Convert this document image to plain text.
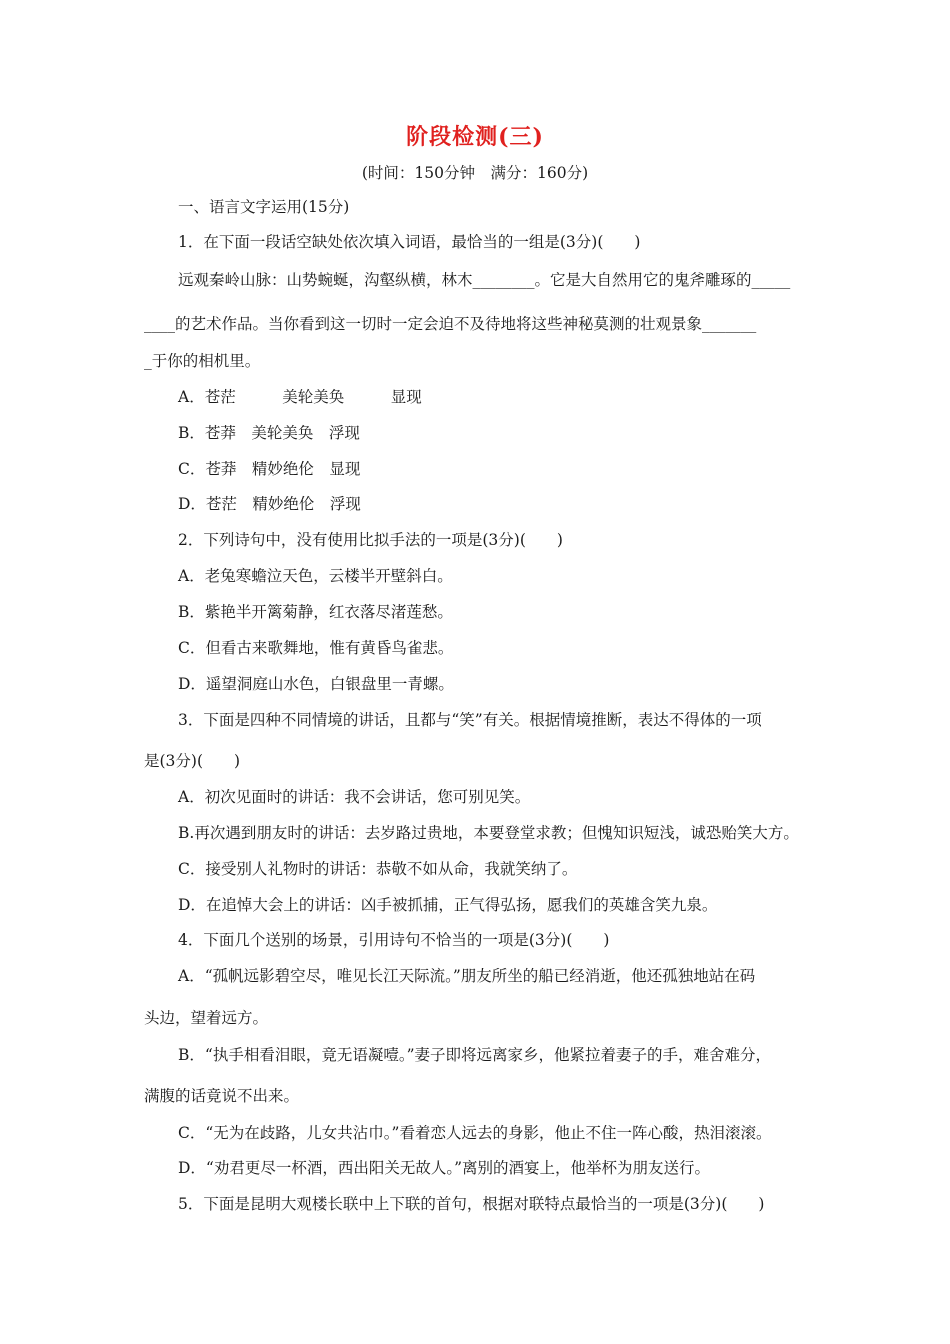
阶段检测(三)
(时间：150分钟　满分：160分)
一、语言文字运用(15分)
1．在下面一段话空缺处依次填入词语，最恰当的一组是(3分)(　　)
远观秦岭山脉：山势蜿蜒，沟壑纵横，林木________。它是大自然用它的鬼斧雕琢的_____
____的艺术作品。当你看到这一切时一定会迫不及待地将这些神秘莫测的壮观景象_______
_于你的相机里。
A．苍茫　　　美轮美奂　　　显现
B．苍莽　美轮美奂　浮现
C．苍莽　精妙绝伦　显现
D．苍茫　精妙绝伦　浮现
2．下列诗句中，没有使用比拟手法的一项是(3分)(　　)
A．老兔寒蟾泣天色，云楼半开壁斜白。
B．紫艳半开篱菊静，红衣落尽渚莲愁。
C．但看古来歌舞地，惟有黄昏鸟雀悲。
D．遥望洞庭山水色，白银盘里一青螺。
3．下面是四种不同情境的讲话，且都与“笑”有关。根据情境推断，表达不得体的一项
是(3分)(　　)
A．初次见面时的讲话：我不会讲话，您可别见笑。
B.再次遇到朋友时的讲话：去岁路过贵地，本要登堂求教；但愧知识短浅，诚恐贻笑大方。
C．接受别人礼物时的讲话：恭敬不如从命，我就笑纳了。
D．在追悼大会上的讲话：凶手被抓捕，正气得弘扬，愿我们的英雄含笑九泉。
4．下面几个送别的场景，引用诗句不恰当的一项是(3分)(　　)
A．“孤帆远影碧空尽，唯见长江天际流。”朋友所坐的船已经消逝，他还孤独地站在码
头边，望着远方。
B．“执手相看泪眼，竟无语凝噎。”妻子即将远离家乡，他紧拉着妻子的手，难舍难分，
满腹的话竟说不出来。
C．“无为在歧路，儿女共沾巾。”看着恋人远去的身影，他止不住一阵心酸，热泪滚滚。
D．“劝君更尽一杯酒，西出阳关无故人。”离别的酒宴上，他举杯为朋友送行。
5．下面是昆明大观楼长联中上下联的首句，根据对联特点最恰当的一项是(3分)(　　)
